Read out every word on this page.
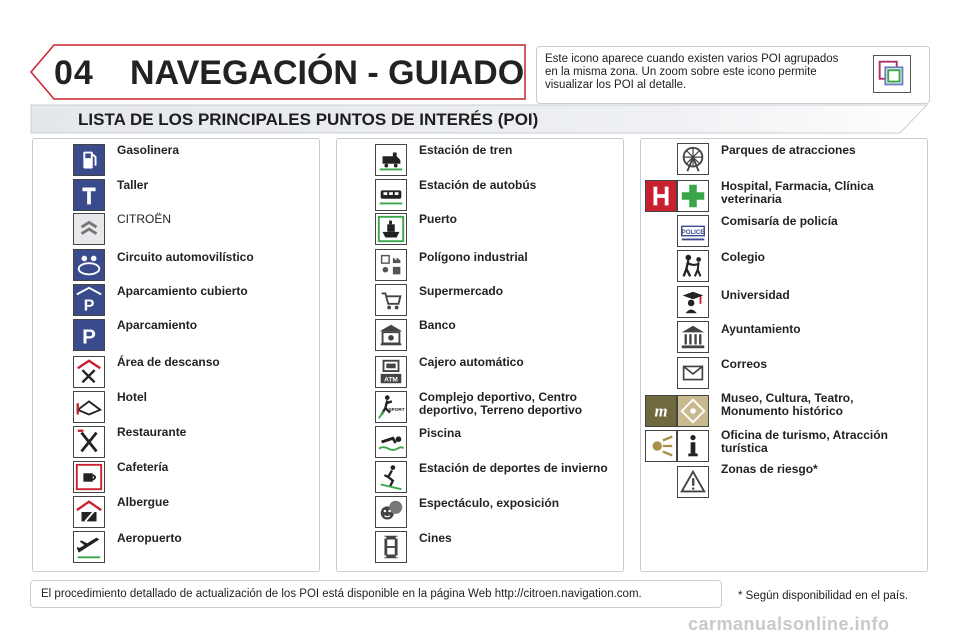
04	NAVEGACIÓN - GUIADO Este icono aparece cuando existen varios POI agrupados en la misma zona. Un zoom sobre este icono permite visualizar los POI al detalle.
LISTA DE LOS PRINCIPALES PUNTOS DE INTERÉS (POI)
Gasolinera
Taller
CITROËN
Circuito automovilístico
P
Aparcamiento cubierto
P
Aparcamiento
Área de descanso
Hotel
Restaurante
Cafetería
Albergue
Aeropuerto
Estación de tren
Estación de autobús
Puerto
Polígono industrial
Supermercado
Banco
ATM
Cajero automático
SPORT
Complejo deportivo, Centro deportivo, Terreno deportivo
Piscina
Estación de deportes de invierno
Espectáculo, exposición
Cines
Parques de atracciones
Hospital, Farmacia, Clínica veterinaria
POLICE
Comisaría de policía
Colegio
Universidad
Ayuntamiento
Correos
m
Museo, Cultura, Teatro, Monumento histórico
Oficina de turismo, Atracción turística
Zonas de riesgo*
El procedimiento detallado de actualización de los POI está disponible en la página Web http://citroen.navigation.com.	* Según disponibilidad en el país.
carmanualsonline.info
